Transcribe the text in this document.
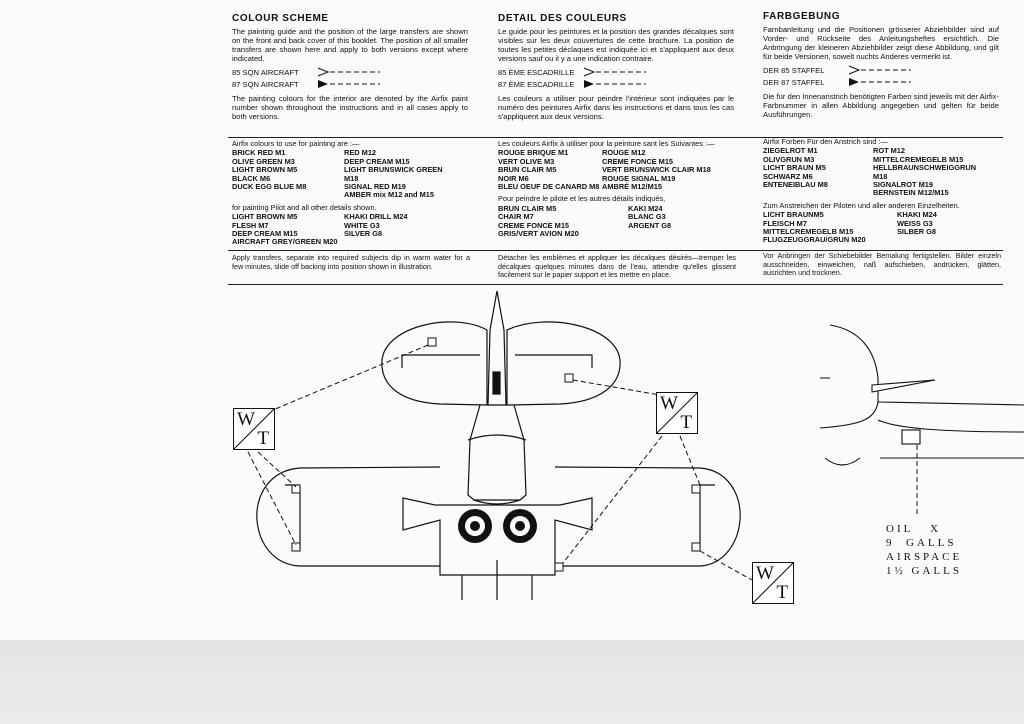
COLOUR SCHEME
The painting guide and the position of the large transfers are shown on the front and back cover of this booklet. The position of all smaller transfers are shown here and apply to both versions except where indicated.
85 SQN AIRCRAFT
87 SQN AIRCRAFT
The painting colours for the interior are denoted by the Airfix paint number shown throughout the instructions and in all cases apply to both versions.
DETAIL DES COULEURS
Le guide pour les peintures et la position des grandes décalques sont visibles sur les deux couvertures de cette brochure. La position de toutes les petites déclaques est indiquée ici et s'appliquent aux deux versions sauf ou il y a une indication contraire.
85 ÈME ESCADRILLE
87 ÈME ESCADRILLE
Les couleurs a utiliser pour peindre l'intérieur sont indiquées par le numéro des peintures Airfix dans les instructions et dans tous les cas s'appliquent aux deux versions.
FARBGEBUNG
Farnbanleitung und die Positionen grösserer Abziehbilder sind auf Vorder- und Rückseite des Anleitungsheftes ersichtlich. Die Anbringung der kleineren Abziehbilder zeigt diese Abbildung, und gilt für beide Versionen, sowelt nuchts Anderes vermerkt ist.
DER 85 STAFFEL
DER 87 STAFFEL
Die für den Innenanstrich benötigten Farben sind jeweils mit der Airfix-Farbnummer in allen Abbildung angegeben und gelten für beide Ausführungen.
Airfix colours to use for painting are :—
BRICK RED M1	RED M12
OLIVE GREEN M3	DEEP CREAM M15
LIGHT BROWN M5	LIGHT BRUNSWICK GREEN
BLACK M6	M18
DUCK EGG BLUE M8	SIGNAL RED M19
AMBER mix M12 and M15
for painting Pilot and all other details shown.
LIGHT BROWN M5	KHAKI DRILL M24
FLESH M7	WHITE G3
DEEP CREAM M15	SILVER G8
AIRCRAFT GREY/GREEN M20
Les couleurs Airfix à utiliser pour la peinture sant les Suivantes :—
ROUGE BRIQUE M1	ROUGE M12
VERT OLIVE M3	CREME FONCE M15
BRUN CLAIR M5	VERT BRUNSWICK CLAIR M18
NOIR M6	ROUGE SIGNAL M19
BLEU OEUF DE CANARD M8 AMBRÉ M12/M15
Pour peindre le pilote et les autres détails indiqués,
BRUN CLAIR M5	KAKI M24
CHAIR M7	BLANC G3
CREME FONCE M15	ARGENT G8
GRIS/VERT AVION M20
Airfix Forben Für den Anstrich sind :—
ZIEGELROT M1	ROT M12
OLIVGRUN M3	MITTELCREMEGELB M15
LICHT BRAUN M5	HELLBRAUNSCHWEIGGRUN
SCHWARZ M6	M18
ENTENEIBLAU M8	SIGNALROT M19
BERNSTEIN M12/M15
Zum Anstreichen der Piloten und aller anderen Einzelheiten.
LICHT BRAUNM5	KHAKI M24
FLEISCH M7	WEISS G3
MITTELCREMEGELB M15	SILBER G8
FLUGZEUGGRAU/GRUN M20
Apply transfers, separate into required subjects dip in warm water for a few minutes, slide off backing into position shown in illustration.
Détacher les emblèmes et appliquer les décalques désirés—tremper les décalques quelques minutes dans de l'eau, attendre qu'elles glissent facilement sur le papier support et les mettre en place.
Vor Anbringen der Schiebebilder Bemalung fertigstellen. Bilder einzeln ausschneiden, einweichen, naß aufschieben, andrücken, glätten, ausrichten und trocknen.
W
T
W
T
W
T
OIL   X
9  GALLS
AIRSPACE
1½ GALLS
